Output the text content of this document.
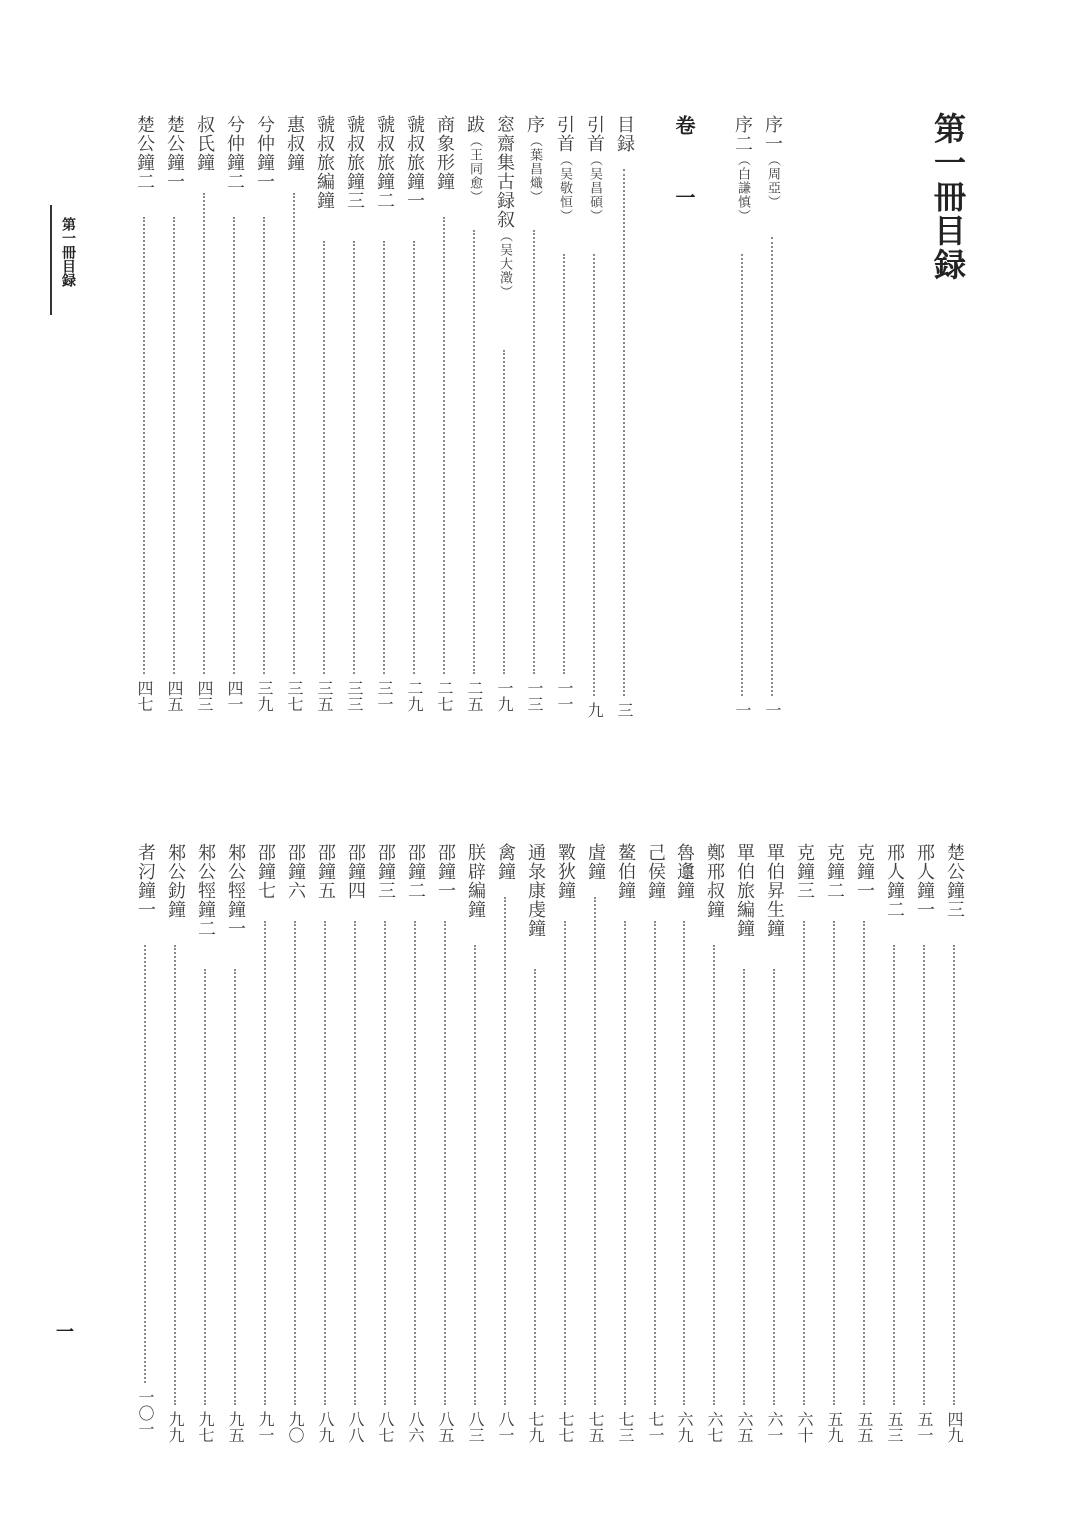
第一冊目録
第一冊目録
一
序一（周亞）
一
序二（白謙慎）
一
目録
三
引首（吴昌碩）
九
引首（吴敬恒）
一一
序（葉昌熾）
一三
窓齋集古録叙（吴大澂）
一九
跋（王同愈）
二五
商象形鐘
二七
虢叔旅鐘一
二九
虢叔旅鐘二
三一
虢叔旅鐘三
三三
虢叔旅編鐘
三五
惠叔鐘
三七
兮仲鐘一
三九
兮仲鐘二
四一
叔氏鐘
四三
楚公鐘一
四五
楚公鐘二
四七
卷 一
楚公鐘三
四九
邢人鐘一
五一
邢人鐘二
五三
克鐘一
五五
克鐘二
五九
克鐘三
六十
單伯昇生鐘
六一
單伯旅編鐘
六五
鄭邢叔鐘
六七
魯邍鐘
六九
己侯鐘
七一
鳌伯鐘
七三
虘鐘
七五
斁狄鐘
七七
通彔康虔鐘
七九
禽鐘
八一
朕辟編鐘
八三
邵鐘一
八五
邵鐘二
八六
邵鐘三
八七
邵鐘四
八八
邵鐘五
八九
邵鐘六
九〇
邵鐘七
九一
邾公牼鐘一
九五
邾公牼鐘二
九七
邾公釛鐘
九九
者汈鐘一
一〇一
